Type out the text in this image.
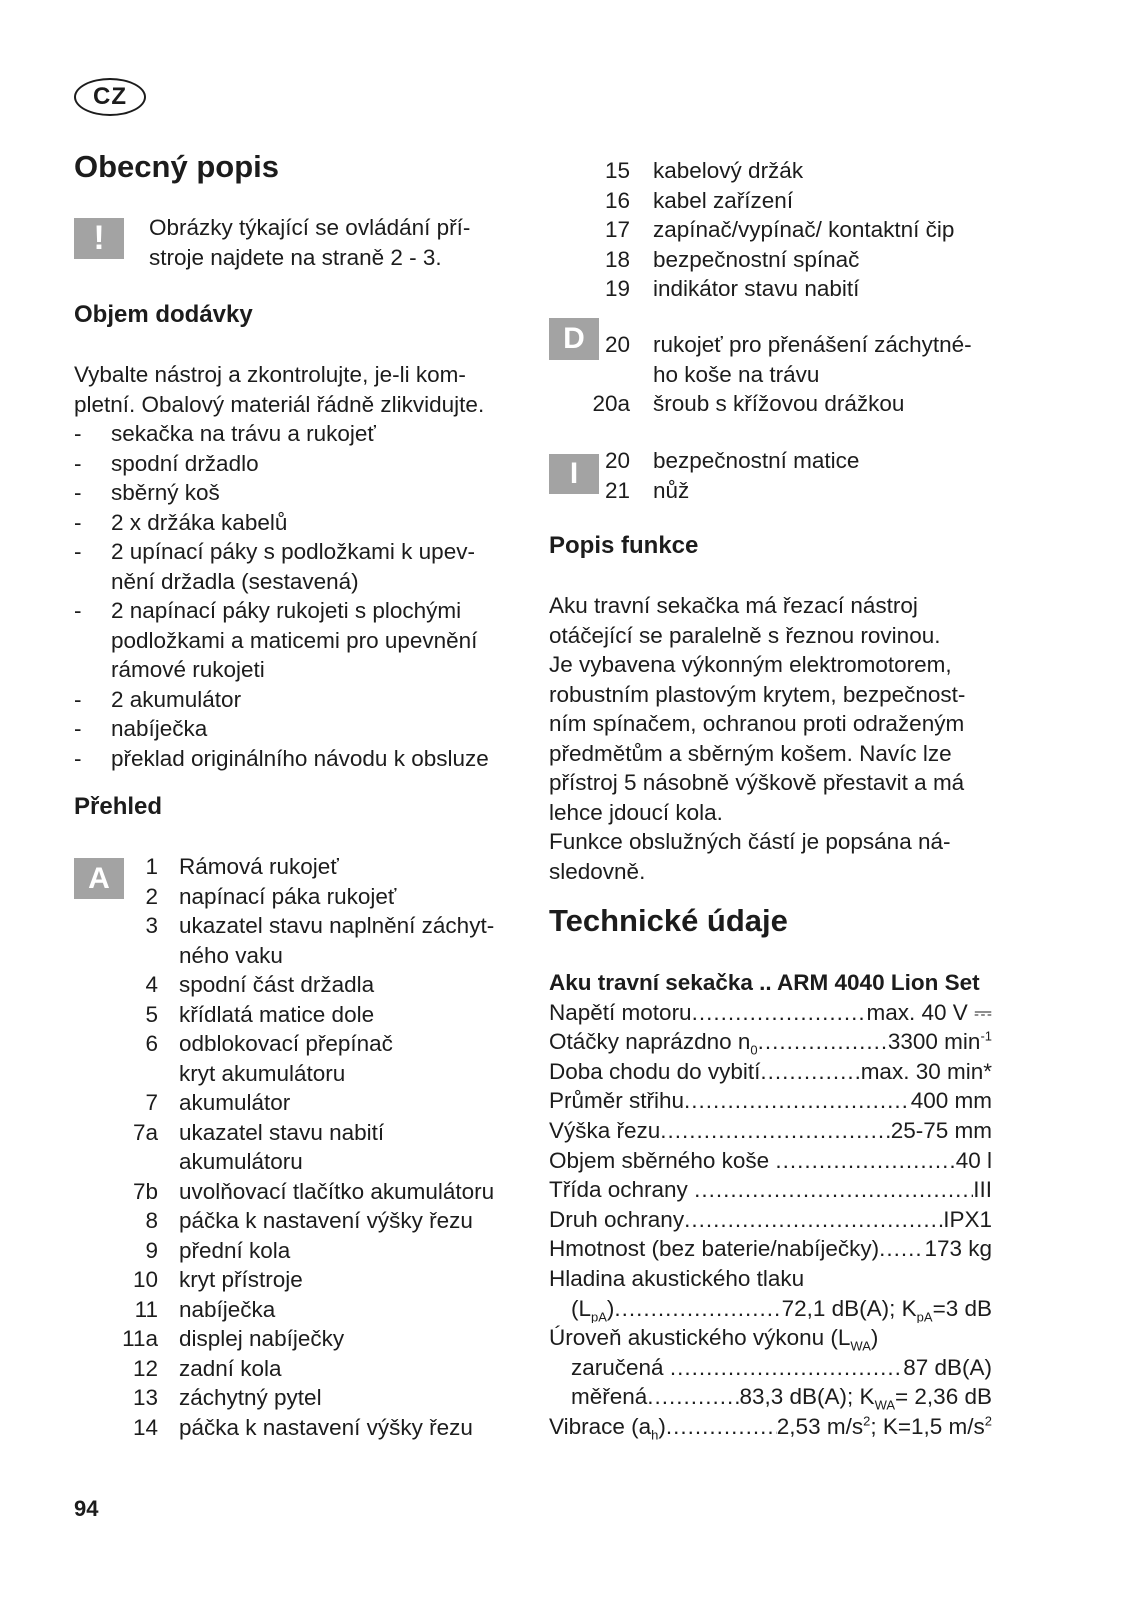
CZ
Obecný popis
!	Obrázky týkající se ovládání pří-
stroje najdete na straně 2 - 3.
Objem dodávky
Vybalte nástroj a zkontrolujte, je-li kom-
pletní. Obalový materiál řádně zlikvidujte.
- sekačka na trávu a rukojeť
- spodní držadlo
- sběrný koš
- 2 x držáka kabelů
- 2 upínací páky s podložkami k upev-
nění držadla (sestavená)
- 2 napínací páky rukojeti s plochými
podložkami a maticemi pro upevnění
rámové rukojeti
- 2 akumulátor
- nabíječka
- překlad originálního návodu k obsluze
Přehled
A	1 Rámová rukojeť
2 napínací páka rukojeť
3 ukazatel stavu naplnění záchyt-
ného vaku
4 spodní část držadla
5 křídlatá matice dole
6 odblokovací přepínač
kryt akumulátoru
7 akumulátor
7a ukazatel stavu nabití
akumulátoru
7b uvolňovací tlačítko akumulátoru
8 páčka k nastavení výšky řezu
9 přední kola
10 kryt přístroje
11 nabíječka
11a displej nabíječky
12 zadní kola
13 záchytný pytel
14 páčka k nastavení výšky řezu
15 kabelový držák
16 kabel zařízení
17 zapínač/vypínač/ kontaktní čip
18 bezpečnostní spínač
19 indikátor stavu nabití
D 20 rukojeť pro přenášení záchytné-
ho koše na trávu
20a šroub s křížovou drážkou
I	20 bezpečnostní matice
21 nůž
Popis funkce
Aku travní sekačka má řezací nástroj
otáčející se paralelně s řeznou rovinou.
Je vybavena výkonným elektromotorem,
robustním plastovým krytem, bezpečnost-
ním spínačem, ochranou proti odraženým
předmětům a sběrným košem. Navíc lze
přístroj 5 násobně výškově přestavit a má
lehce jdoucí kola.
Funkce obslužných částí je popsána ná-
sledovně.
Technické údaje
Aku travní sekačka .. ARM 4040 Lion Set
Napětí motoru .....	max. 40 V ⎓
Otáčky naprázdno $n_0$ .....	3300 $\min^{-1}$
Doba chodu do vybití .....	max. 30 min*
Průměr střihu .....	400 mm
Výška řezu .....	25-75 mm
Objem sběrného koše .....	40 l
Třída ochrany .....	III
Druh ochrany .....	IPX1
Hmotnost (bez baterie/nabíječky) ..... 173 kg
Hladina akustického tlaku
$(L_{pA})$ .....	72,1 dB(A); $K_{pA}=3$ dB
Úroveň akustického výkonu $(L_{WA})$
zaručená .....	87 dB(A)
měřená .....	83,3 dB(A); $K_{WA}= 2,36$ dB
Vibrace $(a_h)$ .....	2,53 $m/s^2$; K=1,5 $m/s^2$
94
